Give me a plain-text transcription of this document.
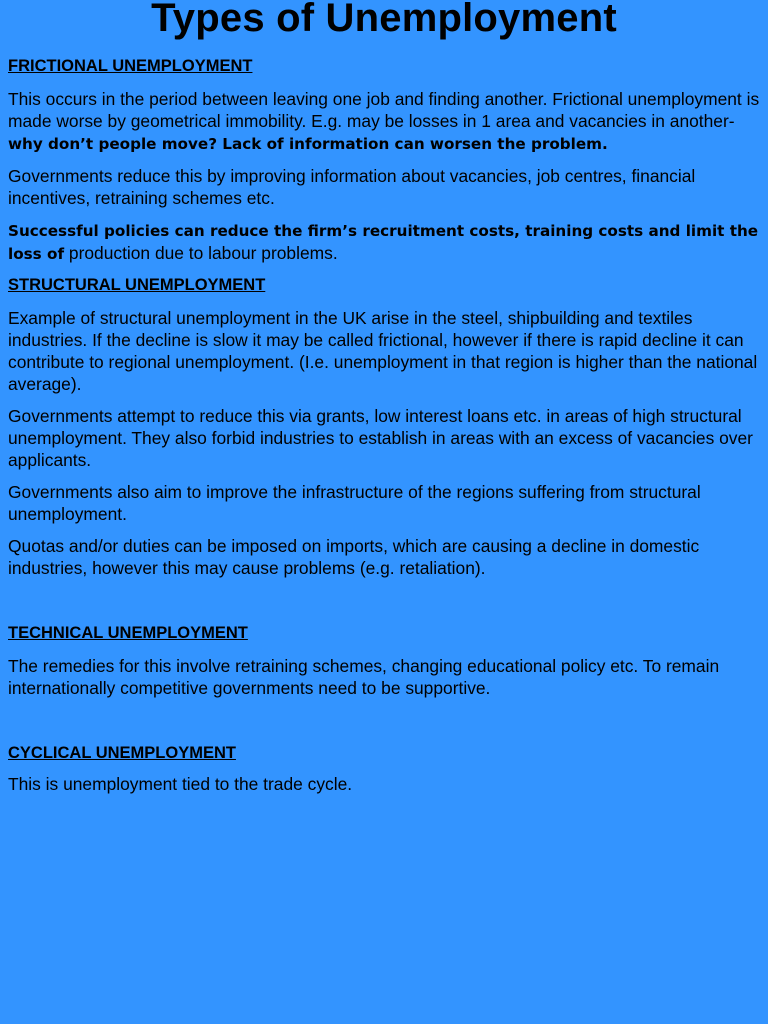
Types of Unemployment
FRICTIONAL UNEMPLOYMENT

This occurs in the period between leaving one job and finding another. Frictional unemployment is made worse by geometrical immobility. E.g. may be losses in 1 area and vacancies in another- why don’t people move? Lack of information can worsen the problem.

Governments reduce this by improving information about vacancies, job centres, financial incentives, retraining schemes etc.

Successful policies can reduce the firm’s recruitment costs, training costs and limit the loss of production due to labour problems.

STRUCTURAL UNEMPLOYMENT

Example of structural unemployment in the UK arise in the steel, shipbuilding and textiles industries. If the decline is slow it may be called frictional, however if there is rapid decline it can contribute to regional unemployment. (I.e. unemployment in that region is higher than the national average).

Governments attempt to reduce this via grants, low interest loans etc. in areas of high structural unemployment. They also forbid industries to establish in areas with an excess of vacancies over applicants.

Governments also aim to improve the infrastructure of the regions suffering from structural unemployment.

Quotas and/or duties can be imposed on imports, which are causing a decline in domestic industries, however this may cause problems (e.g. retaliation).

TECHNICAL UNEMPLOYMENT

The remedies for this involve retraining schemes, changing educational policy etc. To remain internationally competitive governments need to be supportive.

CYCLICAL UNEMPLOYMENT

This is unemployment tied to the trade cycle.
